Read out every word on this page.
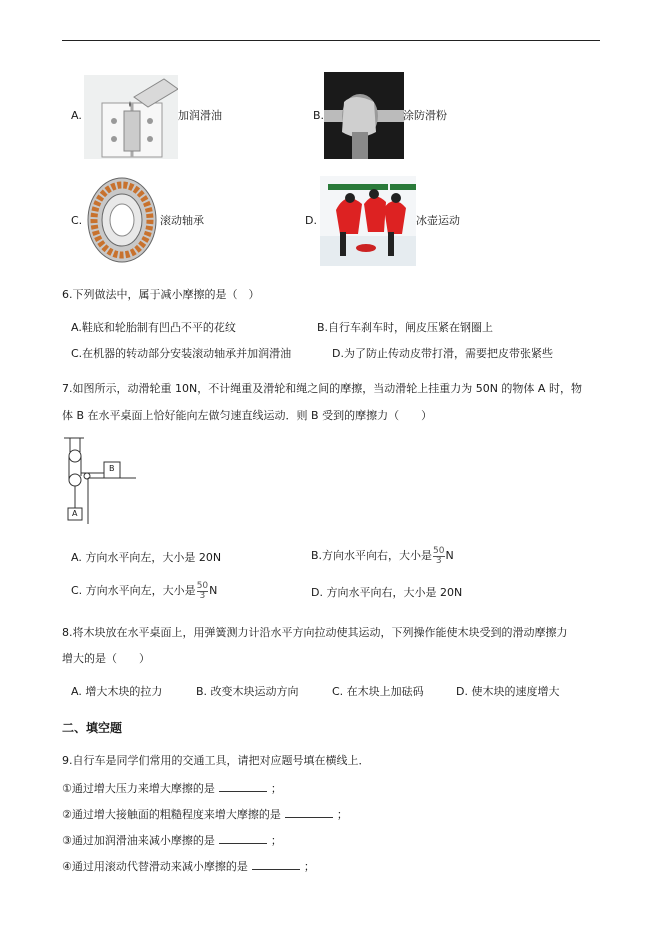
A.	加润滑油	B.	涂防滑粉
C.	滚动轴承	D.	冰壶运动
6.下列做法中，属于减小摩擦的是（　）
A.鞋底和轮胎制有凹凸不平的花纹	B.自行车刹车时，闸皮压紧在钢圈上
C.在机器的转动部分安装滚动轴承并加润滑油	D.为了防止传动皮带打滑，需要把皮带张紧些
7.如图所示，动滑轮重 10N，不计绳重及滑轮和绳之间的摩擦，当动滑轮上挂重力为 50N 的物体 A 时，物
体 B 在水平桌面上恰好能向左做匀速直线运动．则 B 受到的摩擦力（　　）
B
A
A. 方向水平向左，大小是 20N	B.方向水平向右，大小是 $\frac{50}{3}$ N
C. 方向水平向左，大小是 $\frac{50}{3}$ N	D. 方向水平向右，大小是 20N
8.将木块放在水平桌面上，用弹簧测力计沿水平方向拉动使其运动，下列操作能使木块受到的滑动摩擦力
增大的是（　　）
A. 增大木块的拉力	B. 改变木块运动方向	C. 在木块上加砝码	D. 使木块的速度增大
二、填空题
9.自行车是同学们常用的交通工具，请把对应题号填在横线上．
①通过增大压力来增大摩擦的是	；
②通过增大接触面的粗糙程度来增大摩擦的是	；
③通过加润滑油来减小摩擦的是	；
④通过用滚动代替滑动来减小摩擦的是	；
